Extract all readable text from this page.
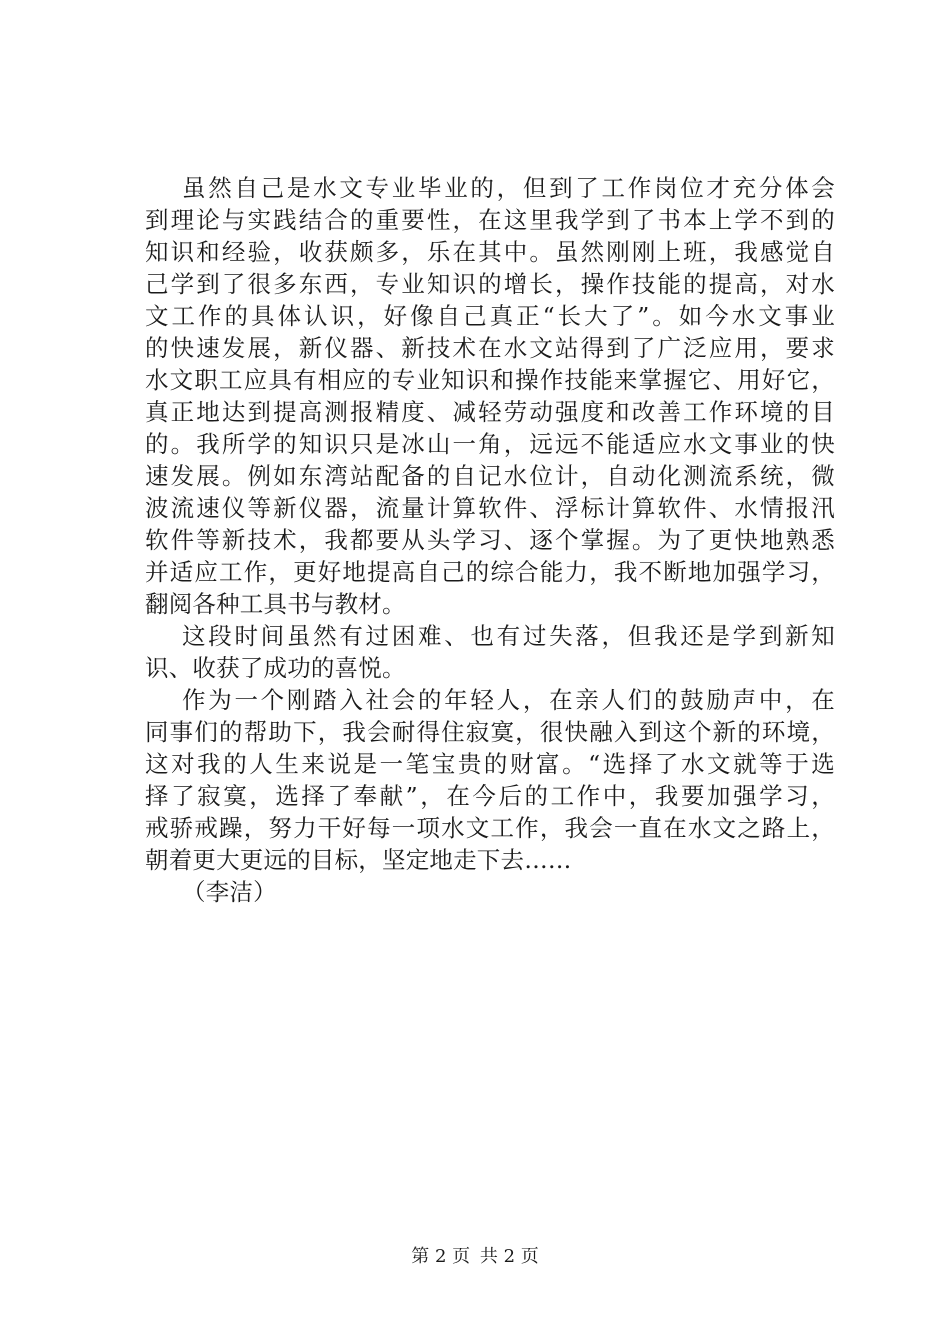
虽然自己是水文专业毕业的，但到了工作岗位才充分体会
到理论与实践结合的重要性，在这里我学到了书本上学不到的
知识和经验，收获颇多，乐在其中。虽然刚刚上班，我感觉自
己学到了很多东西，专业知识的增长，操作技能的提高，对水
文工作的具体认识，好像自己真正“长大了”。如今水文事业
的快速发展，新仪器、新技术在水文站得到了广泛应用，要求
水文职工应具有相应的专业知识和操作技能来掌握它、用好它，
真正地达到提高测报精度、减轻劳动强度和改善工作环境的目
的。我所学的知识只是冰山一角，远远不能适应水文事业的快
速发展。例如东湾站配备的自记水位计，自动化测流系统，微
波流速仪等新仪器，流量计算软件、浮标计算软件、水情报汛
软件等新技术，我都要从头学习、逐个掌握。为了更快地熟悉
并适应工作，更好地提高自己的综合能力，我不断地加强学习，
翻阅各种工具书与教材。
这段时间虽然有过困难、也有过失落，但我还是学到新知
识、收获了成功的喜悦。
作为一个刚踏入社会的年轻人，在亲人们的鼓励声中，在
同事们的帮助下，我会耐得住寂寞，很快融入到这个新的环境，
这对我的人生来说是一笔宝贵的财富。“选择了水文就等于选
择了寂寞，选择了奉献”，在今后的工作中，我要加强学习，
戒骄戒躁，努力干好每一项水文工作，我会一直在水文之路上，
朝着更大更远的目标，坚定地走下去……
（李洁）
第 2 页 共 2 页
